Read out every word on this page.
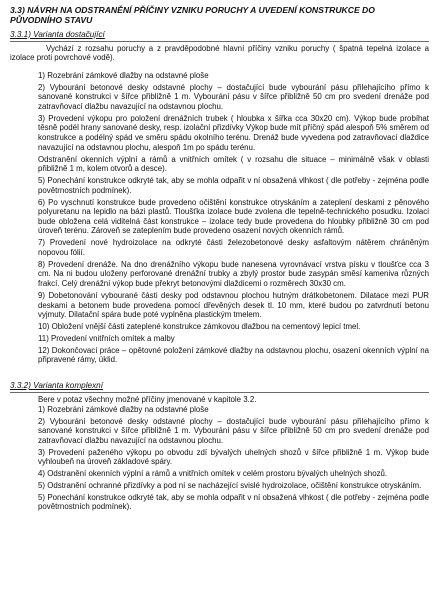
3.3) NÁVRH NA ODSTRANĚNÍ PŘÍČINY VZNIKU PORUCHY A UVEDENÍ KONSTRUKCE DO PŮVODNÍHO STAVU
3.3.1) Varianta dostačující
Vychází z rozsahu poruchy a z pravděpodobné hlavní příčiny vzniku poruchy ( špatná tepelná izolace a izolace proti povrchové vodě).
1) Rozebrání zámkové dlažby na odstavné ploše
2) Vybourání betonové desky odstavné plochy – dostačující bude vybourání pásu přilehajícího přímo k sanované konstrukci v šířce přibližně 1 m. Vybourání pásu v šířce přibližně 50 cm pro svedení drenáže pod zatravňovací dlažbu navazující na odstavnou plochu.
3) Provedení výkopu pro položení drenážních trubek ( hloubka x šířka cca 30x20 cm). Výkop bude probíhat těsně podél hrany sanované desky, resp. izolační přizdívky Výkop bude mít příčný spád alespoň 5% směrem od konstrukce a podélný spád ve směru spádu okolního terénu. Drenáž bude vyvedena pod zatravňovací dlaždice navazující na odstavnou plochu, alespoň 1m po spádu terénu.
Odstranění okenních výplní a rámů a vnitřních omítek ( v rozsahu dle situace – minimálně však v oblasti přibližně 1 m, kolem otvorů a desce).
5) Ponechání konstrukce odkryté tak, aby se mohla odpařit v ní obsažená vlhkost ( dle potřeby - zejména podle povětrnostních podmínek).
6) Po vyschnutí konstrukce bude provedeno očištění konstrukce otryskáním a zateplení deskami z pěnového polyuretanu na lepidlo na bázi plastů. Tloušťka izolace bude zvolena dle tepelně-technického posudku. Izolaci bude obložena celá viditelná část konstrukce – izolace tedy bude provedena do hloubky přibližně 30 cm pod úroveň terénu. Zároveň se zateplením bude provedeno osazení nových okenních rámů.
7) Provedení nové hydroizolace na odkryté části železobetonové desky asfaltovým nátěrem chráněným nopovou fólií.
8) Provedení drenáže. Na dno drenážního výkopu bude nanesena vyrovnávací vrstva písku v tloušťce cca 3 cm. Na ni budou uloženy perforované drenážní trubky a zbylý prostor bude zasypán směsí kameniva různých frakcí. Celý drenážní výkop bude překryt betonovými dlaždicemi o rozměrech 30x30 cm.
9) Dobetonování vybourané části desky pod odstavnou plochou hutným drátkobetonem. Dilatace mezi PUR deskami a betonem bude provedena pomocí dřevěných desek tl. 10 mm, které budou po zatvrdnutí betonu vyjmuty. Dilatační spára bude poté vyplněna plastickým tmelem.
10) Obložení vnější části zateplené konstrukce zámkovou dlažbou na cementový lepicí tmel.
11) Provedení vnitřních omítek a malby
12) Dokončovací práce – opětovné položení zámkové dlažby na odstavnou plochu, osazení okenních výplní na připravené rámy, úklid.
3.3.2) Varianta komplexní
Bere v potaz všechny možné příčiny jmenované v kapitole 3.2.
1) Rozebrání zámkové dlažby na odstavné ploše
2) Vybourání betonové desky odstavné plochy – dostačující bude vybourání pásu přilehajícího přímo k sanované konstrukci v šířce přibližně 1 m. Vybourání pásu v šířce přibližně 50 cm pro svedení drenáže pod zatravňovací dlažbu navazující na odstavnou plochu.
3) Provedení paženého výkopu po obvodu zdí bývalých uhelných shozů v šířce přibližně 1 m. Výkop bude vyhloubeň na úroveň základové spáry.
4) Odstranění okenních výplní a rámů a vnitřních omítek v celém prostoru bývalých uhelných shozů.
5) Odstranění ochranné přizdívky a pod ní se nacházející svislé hydroizolace, očištění konstrukce otryskáním.
5) Ponechání konstrukce odkryté tak, aby se mohla odpařit v ní obsažená vlhkost ( dle potřeby - zejména podle povětrnostních podmínek).
